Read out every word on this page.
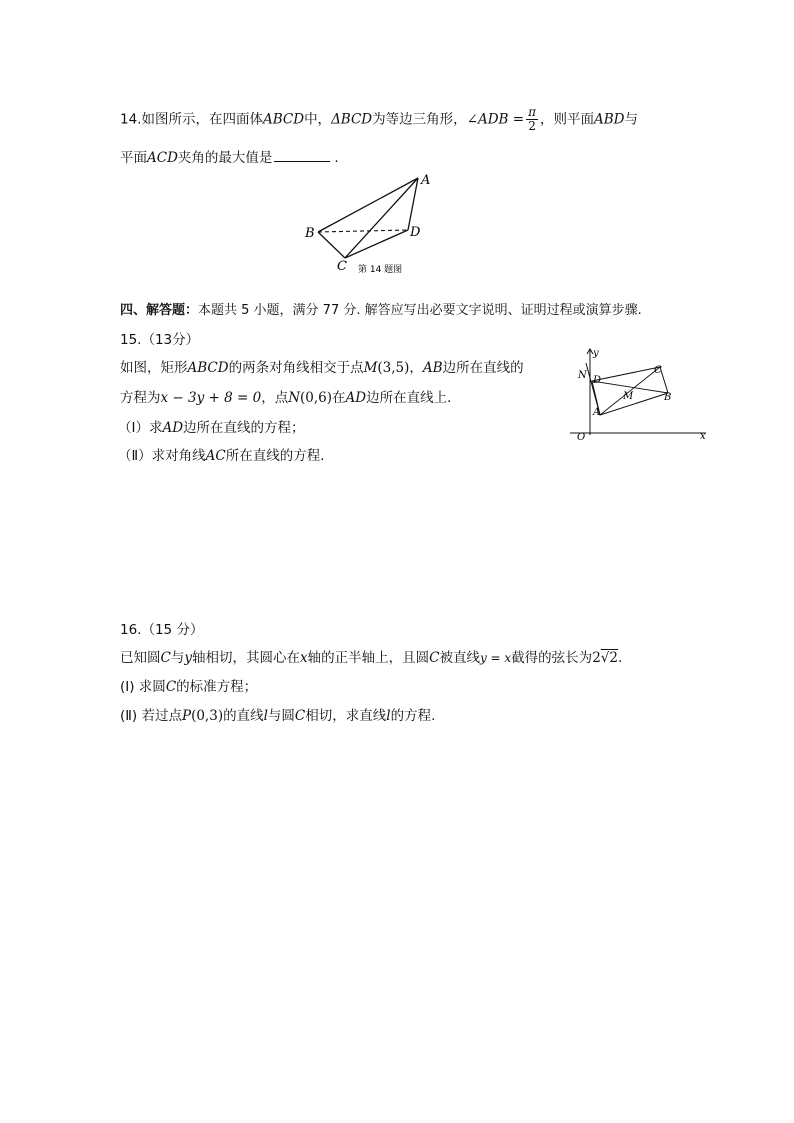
14.如图所示，在四面体ABCD中，ΔBCD为等边三角形，∠ADB = $\frac{\pi}{2}$ ，则平面ABD与
平面ACD夹角的最大值是	.
A
B
C
D
第 14 题图
四、解答题：本题共 5 小题，满分 77 分. 解答应写出必要文字说明、证明过程或演算步骤.
15.（13分）
如图，矩形ABCD的两条对角线相交于点M(3,5)，AB边所在直线的
方程为x − 3y + 8 = 0，点N(0,6)在AD边所在直线上．
（Ⅰ）求AD边所在直线的方程；
（Ⅱ）求对角线AC所在直线的方程．
y
x
O
N D
C
M	B
A
16.（15 分）
已知圆C与y轴相切，其圆心在x轴的正半轴上，且圆C被直线y = x截得的弦长为2√2.
(Ⅰ) 求圆C的标准方程；
(Ⅱ) 若过点P(0,3)的直线l与圆C相切，求直线l的方程.
